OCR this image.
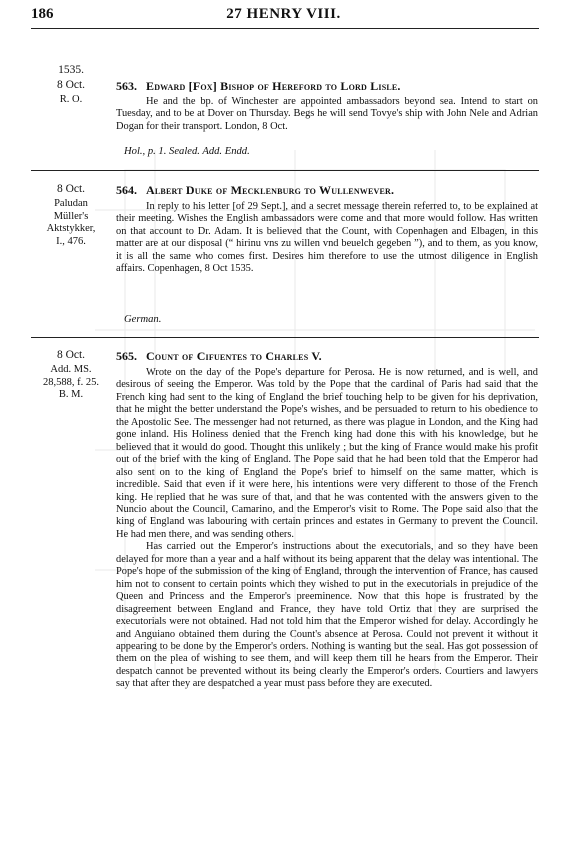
186	27 HENRY VIII.
1535.
8 Oct.
R. O.
563. Edward [Fox] Bishop of Hereford to Lord Lisle.

He and the bp. of Winchester are appointed ambassadors beyond sea. Intend to start on Tuesday, and to be at Dover on Thursday. Begs he will send Tovye's ship with John Nele and Adrian Dogan for their transport. London, 8 Oct.

Hol., p. 1. Sealed. Add. Endd.
8 Oct.
Paludan
Müller's
Aktstykker,
I., 476.
564. Albert Duke of Mecklenburg to Wullenwever.

In reply to his letter [of 29 Sept.], and a secret message therein referred to, to be explained at their meeting. Wishes the English ambassadors were come and that more would follow. Has written on that account to Dr. Adam. It is believed that the Count, with Copenhagen and Elbagen, in this matter are at our disposal (“ hirinu vns zu willen vnd beuelch gegeben ”), and to them, as you know, it is all the same who comes first. Desires him therefore to use the utmost diligence in English affairs. Copenhagen, 8 Oct 1535.

German.
8 Oct.
Add. MS.
28,588, f. 25.
B. M.
565. Count of Cifuentes to Charles V.

Wrote on the day of the Pope's departure for Perosa. He is now returned, and is well, and desirous of seeing the Emperor. Was told by the Pope that the cardinal of Paris had said that the French king had sent to the king of England the brief touching help to be given for his deprivation, that he might the better understand the Pope's wishes, and be persuaded to return to his obedience to the Apostolic See. The messenger had not returned, as there was plague in London, and the King had gone inland. His Holiness denied that the French king had done this with his knowledge, but he believed that it would do good. Thought this unlikely ; but the king of France would make his profit out of the brief with the king of England. The Pope said that he had been told that the Emperor had also sent on to the king of England the Pope's brief to himself on the same matter, which is incredible. Said that even if it were here, his intentions were very different to those of the French king. He replied that he was sure of that, and that he was contented with the answers given to the Nuncio about the Council, Camarino, and the Emperor's visit to Rome. The Pope said also that the king of England was labouring with certain princes and estates in Germany to prevent the Council. He had men there, and was sending others.

Has carried out the Emperor's instructions about the executorials, and so they have been delayed for more than a year and a half without its being apparent that the delay was intentional. The Pope's hope of the submission of the king of England, through the intervention of France, has caused him not to consent to certain points which they wished to put in the executorials in prejudice of the Queen and Princess and the Emperor's preeminence. Now that this hope is frustrated by the disagreement between England and France, they have told Ortiz that they are surprised the executorials were not obtained. Had not told him that the Emperor wished for delay. Accordingly he and Anguiano obtained them during the Count's absence at Perosa. Could not prevent it without it appearing to be done by the Emperor's orders. Nothing is wanting but the seal. Has got possession of them on the plea of wishing to see them, and will keep them till he hears from the Emperor. Their despatch cannot be prevented without its being clearly the Emperor's orders. Courtiers and lawyers say that after they are despatched a year must pass before they are executed.
